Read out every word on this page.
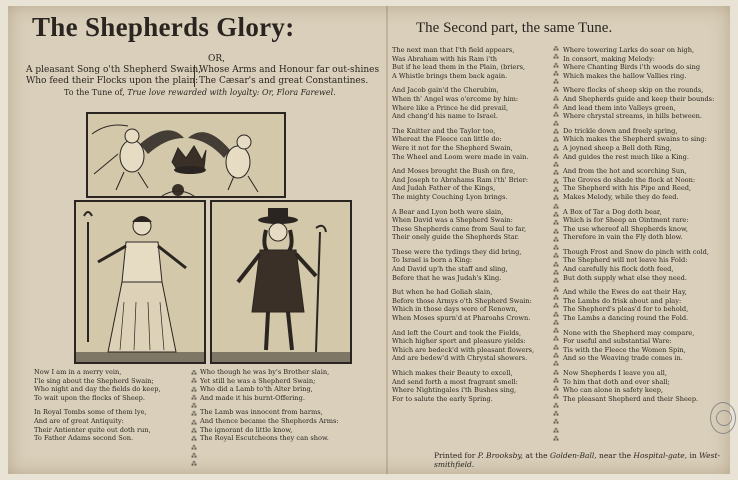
The Shepherds Glory:
OR,
A pleasant Song o'th Shepherd Swain,
Who feed their Flocks upon the plain:
Whose Arms and Honour far out-shines
The Cæsar's and great Constantines.
To the Tune of, True love rewarded with loyalty: Or, Flora Farewel.
Now I am in a merry vein,
I'le sing about the Shepherd Swain;
Who night and day the fields do keep,
To wait upon the flocks of Sheep.
In Royal Tombs some of them lye,
And are of great Antiquity:
Their Antienter quite out doth run,
To Father Adams second Son.
⁂
⁂
⁂
⁂
⁂
⁂
⁂
⁂
⁂
⁂
⁂
⁂
Who though he was by's Brother slain,
Yet still he was a Shepherd Swain;
Who did a Lamb to'th Alter bring,
And made it his burnt-Offering.
The Lamb was innocent from harms,
And thence became the Shepherds Arms:
The ignorant do little know,
The Royal Escutcheons they can show.
The Second part, the same Tune.
The next man that I'th field appears,
Was Abraham with his Ram i'th
But if he lead them in the Plain, (briers,
A Whistle brings them back again.
And Jacob gain'd the Cherubim,
When th' Angel was o'ercome by him:
Where like a Prince he did prevail,
And chang'd his name to Israel.
The Knitter and the Taylor too,
Whereat the Fleece can little do:
Were it not for the Shepherd Swain,
The Wheel and Loom were made in vain.
And Moses brought the Bush on fire,
And Joseph to Abrahams Ram i'th' Brier:
And Judah Father of the Kings,
The mighty Couching Lyon brings.
A Bear and Lyon both were slain,
When David was a Shepherd Swain:
These Shepherds came from Saul to far,
Their onely guide the Shepherds Star.
These were the tydings they did bring,
To Israel is born a King:
And David up'h the staff and sling,
Before that he was Judah's King.
But when he had Goliah slain,
Before those Armys o'th Shepherd Swain:
Which in those days were of Renown,
When Moses spurn'd at Pharoahs Crown.
And left the Court and took the Fields,
Which higher sport and pleasure yields:
Which are bedeck'd with pleasant flowers,
And are bedew'd with Chrystal showers.
Which makes their Beauty to excell,
And send forth a most fragrant smell:
Where Nightingales i'th Bushes sing,
For to salute the early Spring.
⁂
⁂
⁂
⁂
⁂
⁂
⁂
⁂
⁂
⁂
⁂
⁂
⁂
⁂
⁂
⁂
⁂
⁂
⁂
⁂
⁂
⁂
⁂
⁂
⁂
⁂
⁂
⁂
⁂
⁂
⁂
⁂
⁂
⁂
⁂
⁂
⁂
⁂
⁂
⁂
⁂
⁂
⁂
⁂
⁂
⁂
⁂
⁂
Where towering Larks do soar on high,
In consort, making Melody:
Where Chanting Birds i'th woods do sing
Which makes the hallow Vallies ring.
Where flocks of sheep skip on the rounds,
And Shepherds guide and keep their bounds:
And lead them into Valleys green,
Where chrystal streams, in hills between.
Do trickle down and freely spring,
Which makes the Shepherd swains to sing:
A joyned sheep a Bell doth Ring,
And guides the rest much like a King.
And from the hot and scorching Sun,
The Groves do shade the flock at Noon:
The Shepherd with his Pipe and Reed,
Makes Melody, while they do feed.
A Box of Tar a Dog doth bear,
Which is for Sheep an Ointment rare:
The use whereof all Shepherds know,
Therefore in vain the Fly doth blow.
Though Frost and Snow do pinch with cold,
The Shepherd will not leave his Fold:
And carefully his flock doth feed,
But doth supply what else they need.
And while the Ewes do eat their Hay,
The Lambs do frisk about and play:
The Shepherd's pleas'd for to behold,
The Lambs a dancing round the Fold.
None with the Shepherd may compare,
For useful and substantial Ware:
Tis with the Fleece the Women Spin,
And so the Weaving trade comes in.
Now Shepherds I leave you all,
To him that doth and ever shall;
Who can alone in safety keep,
The pleasant Shepherd and their Sheep.
Printed for P. Brooksby, at the Golden-Ball, near the Hospital-gate, in West-smithfield.
